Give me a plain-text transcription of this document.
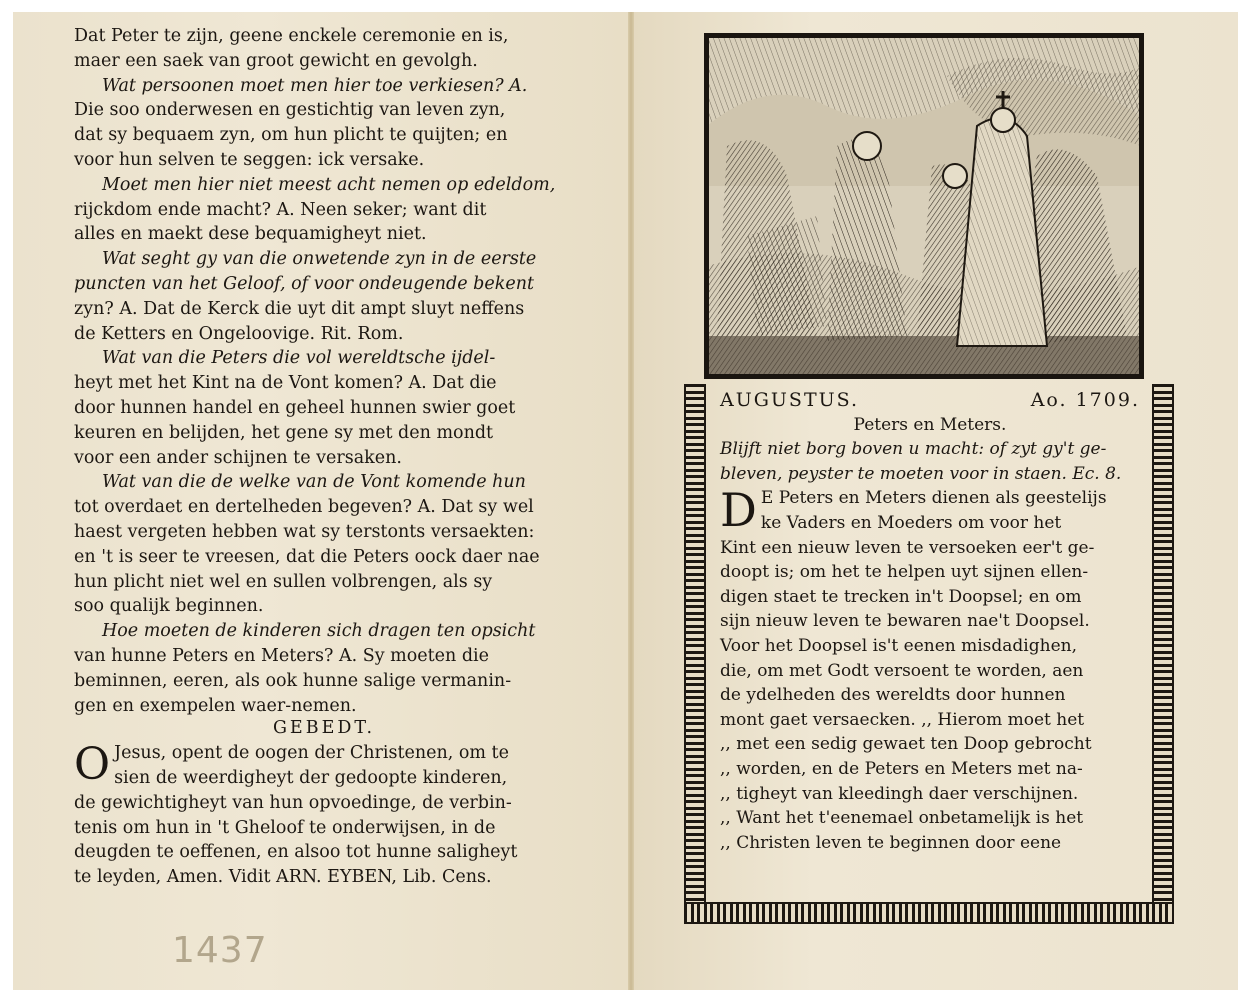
Dat Peter te zijn, geene enckele ceremonie en is,

maer een saek van groot gewicht en gevolgh.

Wat persoonen moet men hier toe verkiesen? A.

Die soo onderwesen en gestichtig van leven zyn,

dat sy bequaem zyn, om hun plicht te quijten; en

voor hun selven te seggen: ick versake.

Moet men hier niet meest acht nemen op edeldom,

rijckdom ende macht? A. Neen seker; want dit

alles en maekt dese bequamigheyt niet.

Wat seght gy van die onwetende zyn in de eerste

puncten van het Geloof, of voor ondeugende bekent

zyn? A. Dat de Kerck die uyt dit ampt sluyt neffens

de Ketters en Ongeloovige. Rit. Rom.

Wat van die Peters die vol wereldtsche ijdel-

heyt met het Kint na de Vont komen? A. Dat die

door hunnen handel en geheel hunnen swier goet

keuren en belijden, het gene sy met den mondt

voor een ander schijnen te versaken.

Wat van die de welke van de Vont komende hun

tot overdaet en dertelheden begeven? A. Dat sy wel

haest vergeten hebben wat sy terstonts versaekten:

en 't is seer te vreesen, dat die Peters oock daer nae

hun plicht niet wel en sullen volbrengen, als sy

soo qualijk beginnen.

Hoe moeten de kinderen sich dragen ten opsicht

van hunne Peters en Meters? A. Sy moeten die

beminnen, eeren, als ook hunne salige vermanin-

gen en exempelen waer-nemen.

GEBEDT.

O Jesus, opent de oogen der Christenen, om te

sien de weerdigheyt der gedoopte kinderen,

de gewichtigheyt van hun opvoedinge, de verbin-

tenis om hun in 't Gheloof te onderwijsen, in de

deugden te oeffenen, en alsoo tot hunne saligheyt

te leyden, Amen. Vidit ARN. EYBEN, Lib. Cens.

1437
AUGUSTUS.	Ao. 1709.

Peters en Meters.

Blijft niet borg boven u macht: of zyt gy't ge-

bleven, peyster te moeten voor in staen. Ec. 8.

D E Peters en Meters dienen als geestelijs

ke Vaders en Moeders om voor het

Kint een nieuw leven te versoeken eer't ge-

doopt is; om het te helpen uyt sijnen ellen-

digen staet te trecken in't Doopsel; en om

sijn nieuw leven te bewaren nae't Doopsel.

Voor het Doopsel is't eenen misdadighen,

die, om met Godt versoent te worden, aen

de ydelheden des wereldts door hunnen

mont gaet versaecken. ,, Hierom moet het

,, met een sedig gewaet ten Doop gebrocht

,, worden, en de Peters en Meters met na-

,, tigheyt van kleedingh daer verschijnen.

,, Want het t'eenemael onbetamelijk is het

,, Christen leven te beginnen door eene
